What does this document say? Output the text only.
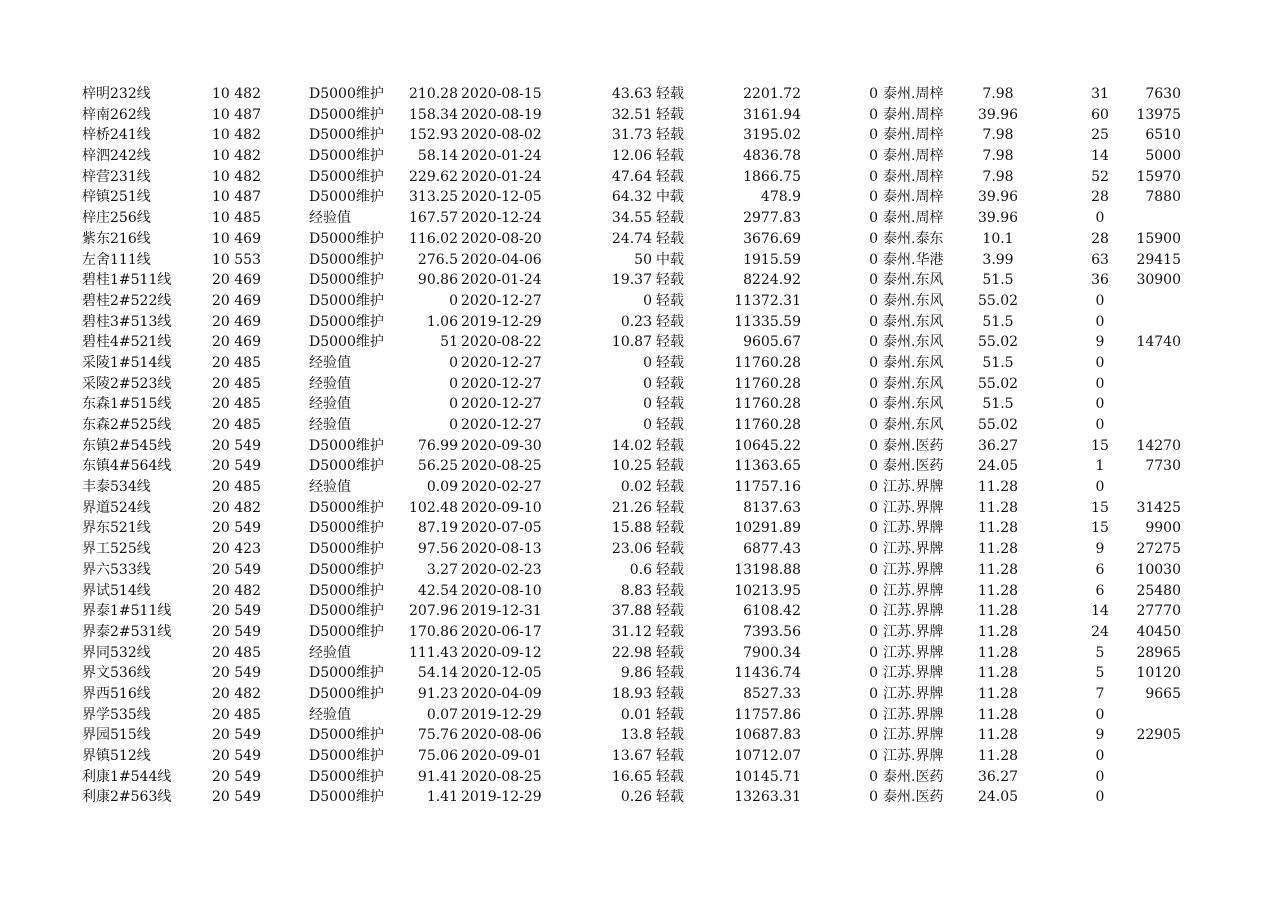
梓明232线	10 482	D5000维护	210.28 2020-08-15	43.63 轻载	2201.72	0 泰州.周梓	7.98	31	7630
梓南262线	10 487	D5000维护	158.34 2020-08-19	32.51 轻载	3161.94	0 泰州.周梓	39.96	60	13975
梓桥241线	10 482	D5000维护	152.93 2020-08-02	31.73 轻载	3195.02	0 泰州.周梓	7.98	25	6510
梓泗242线	10 482	D5000维护	58.14 2020-01-24	12.06 轻载	4836.78	0 泰州.周梓	7.98	14	5000
梓营231线	10 482	D5000维护	229.62 2020-01-24	47.64 轻载	1866.75	0 泰州.周梓	7.98	52	15970
梓镇251线	10 487	D5000维护	313.25 2020-12-05	64.32 中载	478.9	0 泰州.周梓	39.96	28	7880
梓庄256线	10 485	经验值	167.57 2020-12-24	34.55 轻载	2977.83	0 泰州.周梓	39.96	0
紫东216线	10 469	D5000维护	116.02 2020-08-20	24.74 轻载	3676.69	0 泰州.泰东	10.1	28	15900
左舍111线	10 553	D5000维护	276.5 2020-04-06	50 中载	1915.59	0 泰州.华港	3.99	63	29415
碧桂1#511线	20 469	D5000维护	90.86 2020-01-24	19.37 轻载	8224.92	0 泰州.东风	51.5	36	30900
碧桂2#522线	20 469	D5000维护	0 2020-12-27	0 轻载	11372.31	0 泰州.东风	55.02	0
碧桂3#513线	20 469	D5000维护	1.06 2019-12-29	0.23 轻载	11335.59	0 泰州.东风	51.5	0
碧桂4#521线	20 469	D5000维护	51 2020-08-22	10.87 轻载	9605.67	0 泰州.东风	55.02	9	14740
采陵1#514线	20 485	经验值	0 2020-12-27	0 轻载	11760.28	0 泰州.东风	51.5	0
采陵2#523线	20 485	经验值	0 2020-12-27	0 轻载	11760.28	0 泰州.东风	55.02	0
东森1#515线	20 485	经验值	0 2020-12-27	0 轻载	11760.28	0 泰州.东风	51.5	0
东森2#525线	20 485	经验值	0 2020-12-27	0 轻载	11760.28	0 泰州.东风	55.02	0
东镇2#545线	20 549	D5000维护	76.99 2020-09-30	14.02 轻载	10645.22	0 泰州.医药	36.27	15	14270
东镇4#564线	20 549	D5000维护	56.25 2020-08-25	10.25 轻载	11363.65	0 泰州.医药	24.05	1	7730
丰泰534线	20 485	经验值	0.09 2020-02-27	0.02 轻载	11757.16	0 江苏.界牌	11.28	0
界道524线	20 482	D5000维护	102.48 2020-09-10	21.26 轻载	8137.63	0 江苏.界牌	11.28	15	31425
界东521线	20 549	D5000维护	87.19 2020-07-05	15.88 轻载	10291.89	0 江苏.界牌	11.28	15	9900
界工525线	20 423	D5000维护	97.56 2020-08-13	23.06 轻载	6877.43	0 江苏.界牌	11.28	9	27275
界六533线	20 549	D5000维护	3.27 2020-02-23	0.6 轻载	13198.88	0 江苏.界牌	11.28	6	10030
界试514线	20 482	D5000维护	42.54 2020-08-10	8.83 轻载	10213.95	0 江苏.界牌	11.28	6	25480
界泰1#511线	20 549	D5000维护	207.96 2019-12-31	37.88 轻载	6108.42	0 江苏.界牌	11.28	14	27770
界泰2#531线	20 549	D5000维护	170.86 2020-06-17	31.12 轻载	7393.56	0 江苏.界牌	11.28	24	40450
界同532线	20 485	经验值	111.43 2020-09-12	22.98 轻载	7900.34	0 江苏.界牌	11.28	5	28965
界文536线	20 549	D5000维护	54.14 2020-12-05	9.86 轻载	11436.74	0 江苏.界牌	11.28	5	10120
界西516线	20 482	D5000维护	91.23 2020-04-09	18.93 轻载	8527.33	0 江苏.界牌	11.28	7	9665
界学535线	20 485	经验值	0.07 2019-12-29	0.01 轻载	11757.86	0 江苏.界牌	11.28	0
界园515线	20 549	D5000维护	75.76 2020-08-06	13.8 轻载	10687.83	0 江苏.界牌	11.28	9	22905
界镇512线	20 549	D5000维护	75.06 2020-09-01	13.67 轻载	10712.07	0 江苏.界牌	11.28	0
利康1#544线	20 549	D5000维护	91.41 2020-08-25	16.65 轻载	10145.71	0 泰州.医药	36.27	0
利康2#563线	20 549	D5000维护	1.41 2019-12-29	0.26 轻载	13263.31	0 泰州.医药	24.05	0
